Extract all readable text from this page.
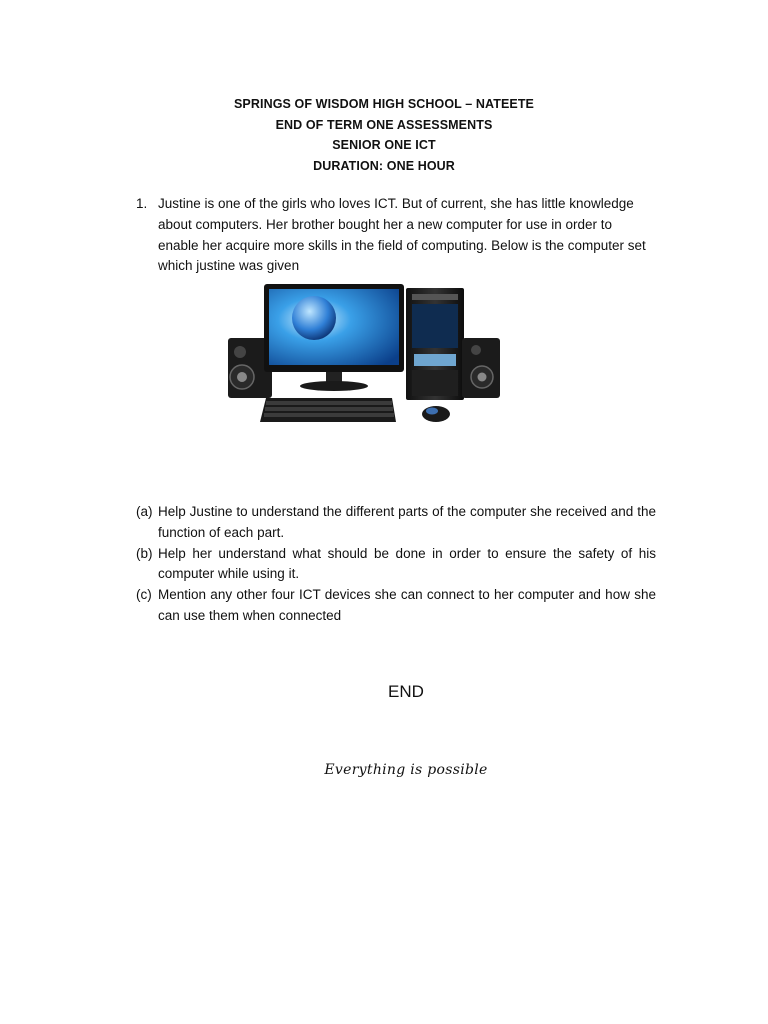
SPRINGS OF WISDOM HIGH SCHOOL – NATEETE
END OF TERM ONE ASSESSMENTS
SENIOR ONE ICT
DURATION: ONE HOUR
1. Justine is one of the girls who loves ICT. But of current, she has little knowledge about computers. Her brother bought her a new computer for use in order to enable her acquire more skills in the field of computing. Below is the computer set which justine was given
(a) Help Justine to understand the different parts of the computer she received and the function of each part.
(b) Help her understand what should be done in order to ensure the safety of his computer while using it.
(c) Mention any other four ICT devices she can connect to her computer and how she can use them when connected
END
Everything is possible
